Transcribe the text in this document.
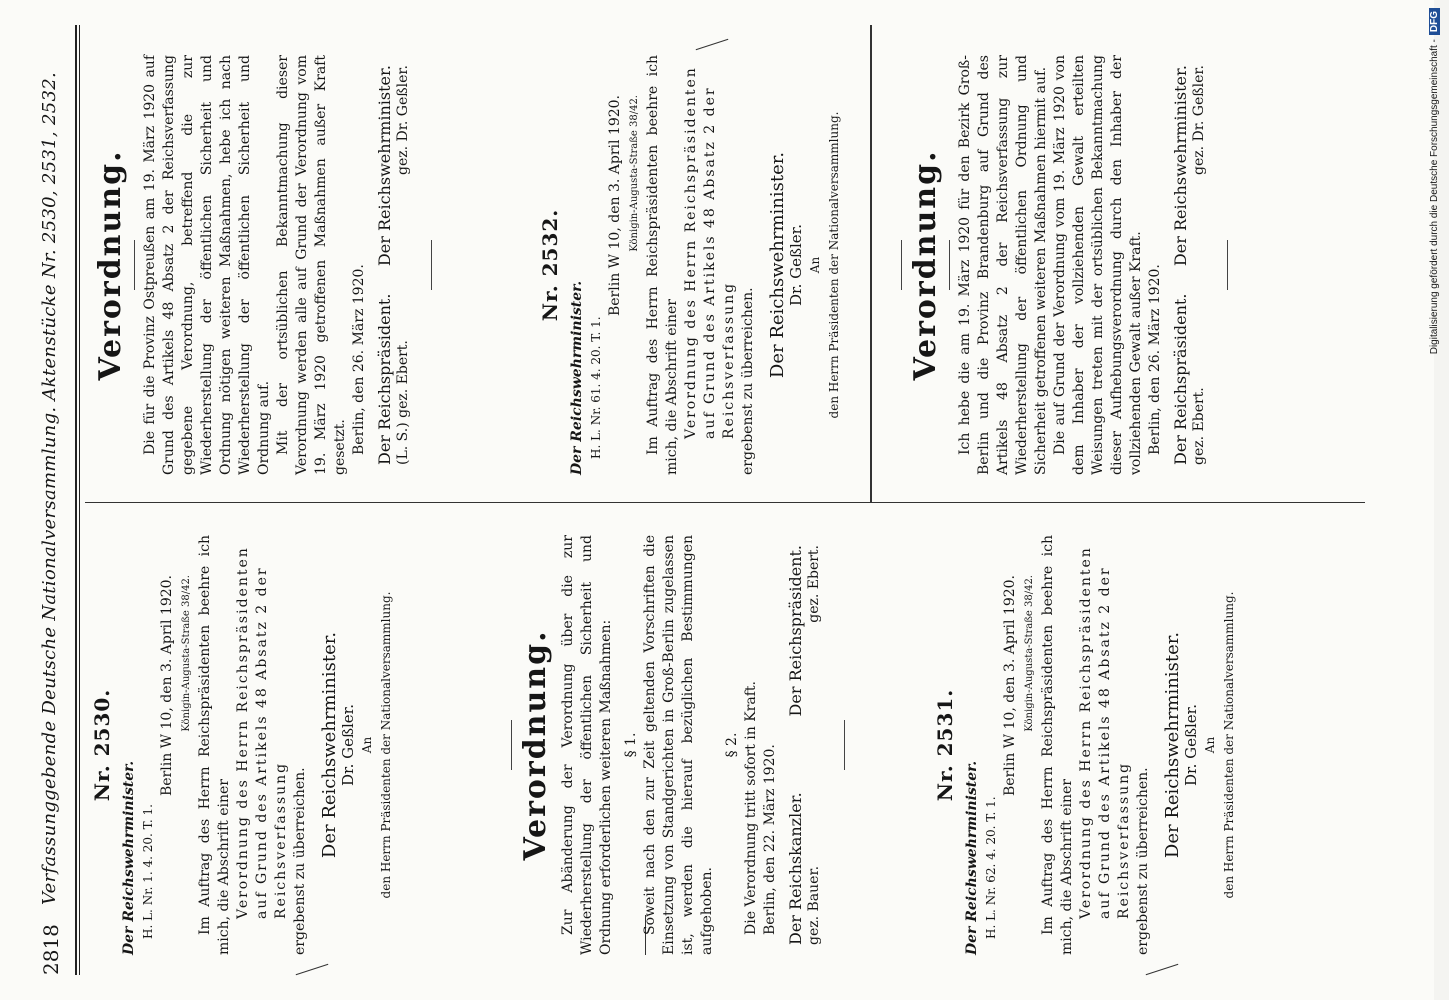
2818
Verfassunggebende Deutsche Nationalversammlung. Aktenstücke Nr. 2530, 2531, 2532. Nr. 2530.

Der Reichswehrminister. H. L. Nr. 1. 4. 20. T. 1.

Berlin W 10, den 3. April 1920. Königin-Augusta-Straße 38/42. Im Auftrag des Herrn Reichspräsidenten beehre ich mich, die Abschrift einer Verordnung des Herrn Reichspräsidenten auf Grund des Artikels 48 Absatz 2 der Reichsverfassung ergebenst zu überreichen.

Der Reichswehrminister. Dr. Geßler. An den Herrn Präsidenten der Nationalversammlung.	Verordnung. Zur Abänderung der Verordnung über die zur Wiederherstellung der öffentlichen Sicherheit und Ordnung erforderlichen weiteren Maßnahmen: § 1. Soweit nach den zur Zeit geltenden Vorschriften die Einsetzung von Standgerichten in Groß-Berlin zugelassen ist, werden die hierauf bezüglichen Bestimmungen aufgehoben.

§ 2. Die Verordnung tritt sofort in Kraft. Berlin, den 22. März 1920. Der Reichskanzler.
Der Reichspräsident.
gez. Bauer.
gez. Ebert.

Verordnung. Die für die Provinz Ostpreußen am 19. März 1920 auf Grund des Artikels 48 Absatz 2 der Reichsverfassung gegebene Verordnung, betreffend die zur Wiederherstellung der öffentlichen Sicherheit und Ordnung nötigen weiteren Maßnahmen, hebe ich nach Wiederherstellung der öffentlichen Sicherheit und Ordnung auf. Mit der ortsüblichen Bekanntmachung dieser Verordnung werden alle auf Grund der Verordnung vom 19. März 1920 getroffenen Maßnahmen außer Kraft gesetzt. Berlin, den 26. März 1920. Der Reichspräsident.
Der Reichswehrminister.
(L. S.) gez. Ebert.
gez. Dr. Geßler.

Nr. 2532.

Der Reichswehrminister. H. L. Nr. 61. 4. 20. T. 1.

Berlin W 10, den 3. April 1920. Königin-Augusta-Straße 38/42. Im Auftrag des Herrn Reichspräsidenten beehre ich mich, die Abschrift einer Verordnung des Herrn Reichspräsidenten auf Grund des Artikels 48 Absatz 2 der Reichsverfassung ergebenst zu überreichen.

Der Reichswehrminister. Dr. Geßler. An den Herrn Präsidenten der Nationalversammlung.

Nr. 2531.

Der Reichswehrminister. H. L. Nr. 62. 4. 20. T. 1.

Berlin W 10, den 3. April 1920. Königin-Augusta-Straße 38/42. Im Auftrag des Herrn Reichspräsidenten beehre ich mich, die Abschrift einer Verordnung des Herrn Reichspräsidenten auf Grund des Artikels 48 Absatz 2 der Reichsverfassung ergebenst zu überreichen.

Der Reichswehrminister. Dr. Geßler. An den Herrn Präsidenten der Nationalversammlung.

Verordnung. Ich hebe die am 19. März 1920 für den Bezirk Groß-Berlin und die Provinz Brandenburg auf Grund des Artikels 48 Absatz 2 der Reichsverfassung zur Wiederherstellung der öffentlichen Ordnung und Sicherheit getroffenen weiteren Maßnahmen hiermit auf. Die auf Grund der Verordnung vom 19. März 1920 von dem Inhaber der vollziehenden Gewalt erteilten Weisungen treten mit der ortsüblichen Bekanntmachung dieser Aufhebungsverordnung durch den Inhaber der vollziehenden Gewalt außer Kraft. Berlin, den 26. März 1920. Der Reichspräsident.
Der Reichswehrminister.
gez. Ebert.
gez. Dr. Geßler.	Digitalisierung gefördert durch die Deutsche Forschungsgemeinschaft -DFG
